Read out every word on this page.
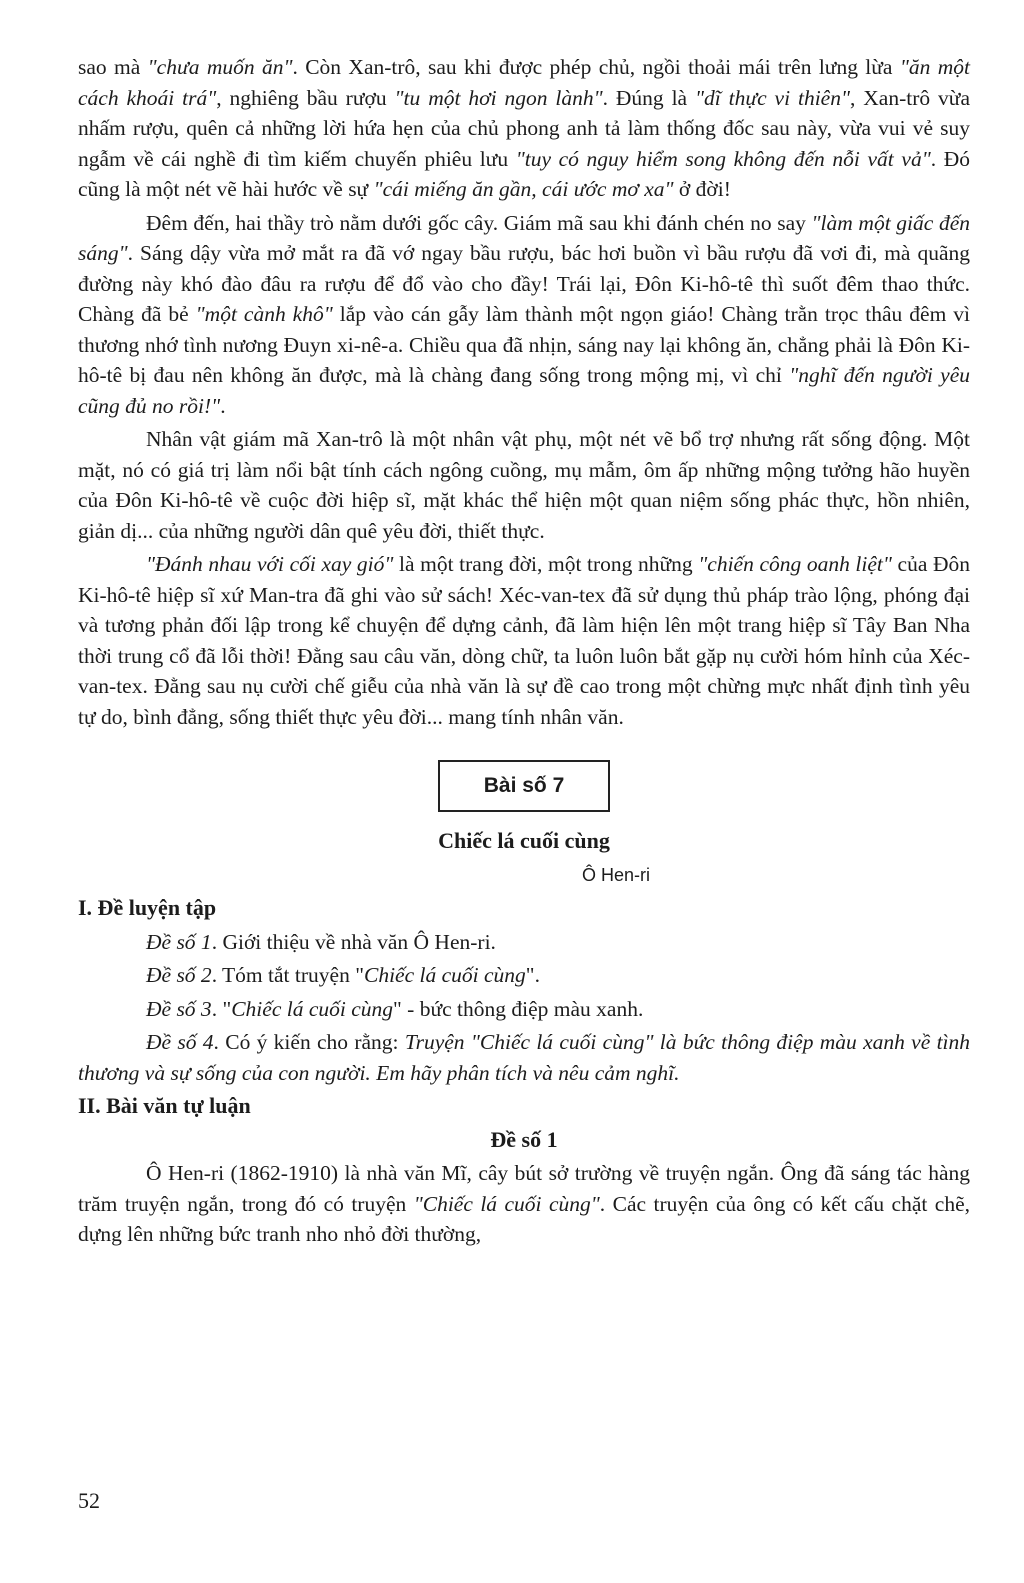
sao mà "chưa muốn ăn". Còn Xan-trô, sau khi được phép chủ, ngồi thoải mái trên lưng lừa "ăn một cách khoái trá", nghiêng bầu rượu "tu một hơi ngon lành". Đúng là "dĩ thực vi thiên", Xan-trô vừa nhấm rượu, quên cả những lời hứa hẹn của chủ phong anh tả làm thống đốc sau này, vừa vui vẻ suy ngẫm về cái nghề đi tìm kiếm chuyến phiêu lưu "tuy có nguy hiểm song không đến nỗi vất vả". Đó cũng là một nét vẽ hài hước về sự "cái miếng ăn gần, cái ước mơ xa" ở đời!

Đêm đến, hai thầy trò nằm dưới gốc cây. Giám mã sau khi đánh chén no say "làm một giấc đến sáng". Sáng dậy vừa mở mắt ra đã vớ ngay bầu rượu, bác hơi buồn vì bầu rượu đã vơi đi, mà quãng đường này khó đào đâu ra rượu để đổ vào cho đầy! Trái lại, Đôn Ki-hô-tê thì suốt đêm thao thức. Chàng đã bẻ "một cành khô" lắp vào cán gẫy làm thành một ngọn giáo! Chàng trằn trọc thâu đêm vì thương nhớ tình nương Đuyn xi-nê-a. Chiều qua đã nhịn, sáng nay lại không ăn, chẳng phải là Đôn Ki-hô-tê bị đau nên không ăn được, mà là chàng đang sống trong mộng mị, vì chỉ "nghĩ đến người yêu cũng đủ no rồi!".

Nhân vật giám mã Xan-trô là một nhân vật phụ, một nét vẽ bổ trợ nhưng rất sống động. Một mặt, nó có giá trị làm nổi bật tính cách ngông cuồng, mụ mẫm, ôm ấp những mộng tưởng hão huyền của Đôn Ki-hô-tê về cuộc đời hiệp sĩ, mặt khác thể hiện một quan niệm sống phác thực, hồn nhiên, giản dị... của những người dân quê yêu đời, thiết thực.

"Đánh nhau với cối xay gió" là một trang đời, một trong những "chiến công oanh liệt" của Đôn Ki-hô-tê hiệp sĩ xứ Man-tra đã ghi vào sử sách! Xéc-van-tex đã sử dụng thủ pháp trào lộng, phóng đại và tương phản đối lập trong kể chuyện để dựng cảnh, đã làm hiện lên một trang hiệp sĩ Tây Ban Nha thời trung cổ đã lỗi thời! Đằng sau câu văn, dòng chữ, ta luôn luôn bắt gặp nụ cười hóm hỉnh của Xéc-van-tex. Đằng sau nụ cười chế giễu của nhà văn là sự đề cao trong một chừng mực nhất định tình yêu tự do, bình đẳng, sống thiết thực yêu đời... mang tính nhân văn.

Bài số 7

Chiếc lá cuối cùng

Ô Hen-ri

I. Đề luyện tập

Đề số 1. Giới thiệu về nhà văn Ô Hen-ri.

Đề số 2. Tóm tắt truyện "Chiếc lá cuối cùng".

Đề số 3. "Chiếc lá cuối cùng" - bức thông điệp màu xanh.

Đề số 4. Có ý kiến cho rằng: Truyện "Chiếc lá cuối cùng" là bức thông điệp màu xanh về tình thương và sự sống của con người. Em hãy phân tích và nêu cảm nghĩ.

II. Bài văn tự luận

Đề số 1

Ô Hen-ri (1862-1910) là nhà văn Mĩ, cây bút sở trường về truyện ngắn. Ông đã sáng tác hàng trăm truyện ngắn, trong đó có truyện "Chiếc lá cuối cùng". Các truyện của ông có kết cấu chặt chẽ, dựng lên những bức tranh nho nhỏ đời thường,

52
